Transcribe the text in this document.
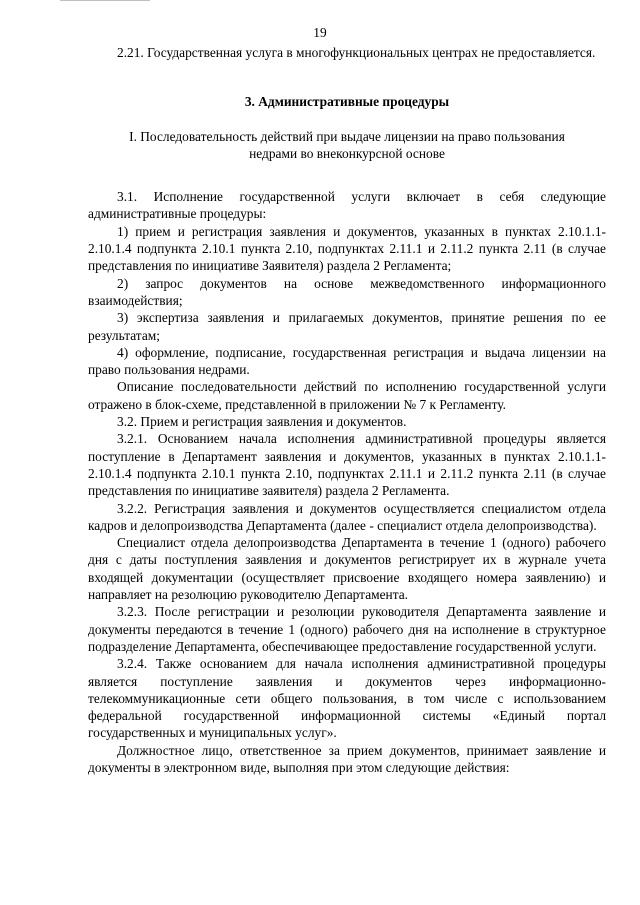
19

2.21. Государственная услуга в многофункциональных центрах не предоставляется.

3. Административные процедуры

I. Последовательность действий при выдаче лицензии на право пользования недрами во внеконкурсной основе

3.1. Исполнение государственной услуги включает в себя следующие административные процедуры:

1) прием и регистрация заявления и документов, указанных в пунктах 2.10.1.1-2.10.1.4 подпункта 2.10.1 пункта 2.10, подпунктах 2.11.1 и 2.11.2 пункта 2.11 (в случае представления по инициативе Заявителя) раздела 2 Регламента;

2) запрос документов на основе межведомственного информационного взаимодействия;

3) экспертиза заявления и прилагаемых документов, принятие решения по ее результатам;

4) оформление, подписание, государственная регистрация и выдача лицензии на право пользования недрами.

Описание последовательности действий по исполнению государственной услуги отражено в блок-схеме, представленной в приложении № 7 к Регламенту.

3.2. Прием и регистрация заявления и документов.

3.2.1. Основанием начала исполнения административной процедуры является поступление в Департамент заявления и документов, указанных в пунктах 2.10.1.1-2.10.1.4 подпункта 2.10.1 пункта 2.10, подпунктах 2.11.1 и 2.11.2 пункта 2.11 (в случае представления по инициативе заявителя) раздела 2 Регламента.

3.2.2. Регистрация заявления и документов осуществляется специалистом отдела кадров и делопроизводства Департамента (далее - специалист отдела делопроизводства).

Специалист отдела делопроизводства Департамента в течение 1 (одного) рабочего дня с даты поступления заявления и документов регистрирует их в журнале учета входящей документации (осуществляет присвоение входящего номера заявлению) и направляет на резолюцию руководителю Департамента.

3.2.3. После регистрации и резолюции руководителя Департамента заявление и документы передаются в течение 1 (одного) рабочего дня на исполнение в структурное подразделение Департамента, обеспечивающее предоставление государственной услуги.

3.2.4. Также основанием для начала исполнения административной процедуры является поступление заявления и документов через информационно-телекоммуникационные сети общего пользования, в том числе с использованием федеральной государственной информационной системы «Единый портал государственных и муниципальных услуг».

Должностное лицо, ответственное за прием документов, принимает заявление и документы в электронном виде, выполняя при этом следующие действия:
